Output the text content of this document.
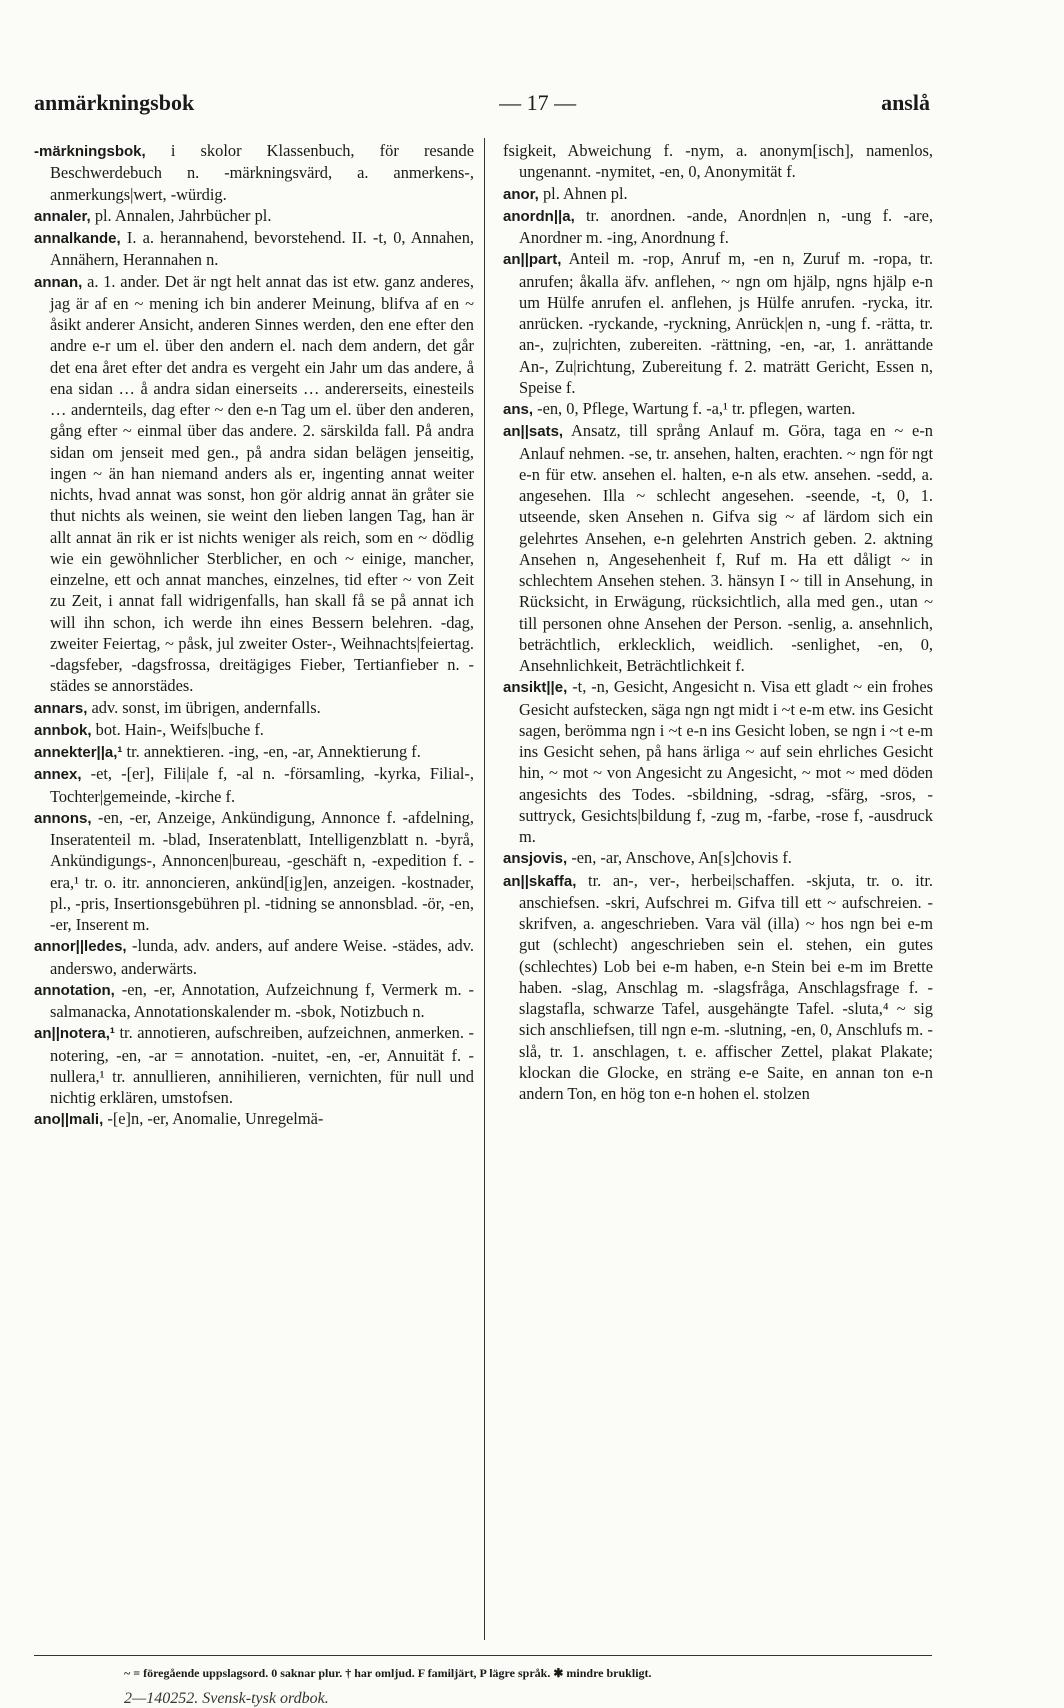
anmärkningsbok	— 17 —	anslå

-märkningsbok, i skolor Klassenbuch, för resande Beschwerdebuch n. -märkningsvärd, a. anmerkens-, anmerkungs|wert, -würdig.

annaler, pl. Annalen, Jahrbücher pl.

annalkande, I. a. herannahend, bevorstehend. II. -t, 0, Annahen, Annähern, Herannahen n.

annan, a. 1. ander. Det är ngt helt annat das ist etw. ganz anderes, jag är af en ~ mening ich bin anderer Meinung, blifva af en ~ åsikt anderer Ansicht, anderen Sinnes werden, den ene efter den andre e-r um el. über den andern el. nach dem andern, det går det ena året efter det andra es vergeht ein Jahr um das andere, å ena sidan … å andra sidan einerseits … andererseits, einesteils … andernteils, dag efter ~ den e-n Tag um el. über den anderen, gång efter ~ einmal über das andere. 2. särskilda fall. På andra sidan om jenseit med gen., på andra sidan belägen jenseitig, ingen ~ än han niemand anders als er, ingenting annat weiter nichts, hvad annat was sonst, hon gör aldrig annat än gråter sie thut nichts als weinen, sie weint den lieben langen Tag, han är allt annat än rik er ist nichts weniger als reich, som en ~ dödlig wie ein gewöhnlicher Sterblicher, en och ~ einige, mancher, einzelne, ett och annat manches, einzelnes, tid efter ~ von Zeit zu Zeit, i annat fall widrigenfalls, han skall få se på annat ich will ihn schon, ich werde ihn eines Bessern belehren. -dag, zweiter Feiertag, ~ påsk, jul zweiter Oster-, Weihnachts|feiertag. -dagsfeber, -dagsfrossa, dreitägiges Fieber, Tertianfieber n. -städes se annorstädes.

annars, adv. sonst, im übrigen, andernfalls.

annbok, bot. Hain-, Weifs|buche f.

annekter||a,¹ tr. annektieren. -ing, -en, -ar, Annektierung f.

annex, -et, -[er], Fili|ale f, -al n. -församling, -kyrka, Filial-, Tochter|gemeinde, -kirche f.

annons, -en, -er, Anzeige, Ankündigung, Annonce f. -afdelning, Inseratenteil m. -blad, Inseratenblatt, Intelligenzblatt n. -byrå, Ankündigungs-, Annoncen|bureau, -geschäft n, -expedition f. -era,¹ tr. o. itr. annoncieren, ankünd[ig]en, anzeigen. -kostnader, pl., -pris, Insertionsgebühren pl. -tidning se annonsblad. -ör, -en, -er, Inserent m.

annor||ledes, -lunda, adv. anders, auf andere Weise. -städes, adv. anderswo, anderwärts.

annotation, -en, -er, Annotation, Aufzeichnung f, Vermerk m. -salmanacka, Annotationskalender m. -sbok, Notizbuch n.

an||notera,¹ tr. annotieren, aufschreiben, aufzeichnen, anmerken. -notering, -en, -ar = annotation. -nuitet, -en, -er, Annuität f. -nullera,¹ tr. annullieren, annihilieren, vernichten, für null und nichtig erklären, umstofsen.

ano||mali, -[e]n, -er, Anomalie, Unregelmä-

fsigkeit, Abweichung f. -nym, a. anonym[isch], namenlos, ungenannt. -nymitet, -en, 0, Anonymität f.

anor, pl. Ahnen pl.

anordn||a, tr. anordnen. -ande, Anordn|en n, -ung f. -are, Anordner m. -ing, Anordnung f.

an||part, Anteil m. -rop, Anruf m, -en n, Zuruf m. -ropa, tr. anrufen; åkalla äfv. anflehen, ~ ngn om hjälp, ngns hjälp e-n um Hülfe anrufen el. anflehen, js Hülfe anrufen. -rycka, itr. anrücken. -ryckande, -ryckning, Anrück|en n, -ung f. -rätta, tr. an-, zu|richten, zubereiten. -rättning, -en, -ar, 1. anrättande An-, Zu|richtung, Zubereitung f. 2. maträtt Gericht, Essen n, Speise f.

ans, -en, 0, Pflege, Wartung f. -a,¹ tr. pflegen, warten.

an||sats, Ansatz, till språng Anlauf m. Göra, taga en ~ e-n Anlauf nehmen. -se, tr. ansehen, halten, erachten. ~ ngn för ngt e-n für etw. ansehen el. halten, e-n als etw. ansehen. -sedd, a. angesehen. Illa ~ schlecht angesehen. -seende, -t, 0, 1. utseende, sken Ansehen n. Gifva sig ~ af lärdom sich ein gelehrtes Ansehen, e-n gelehrten Anstrich geben. 2. aktning Ansehen n, Angesehenheit f, Ruf m. Ha ett dåligt ~ in schlechtem Ansehen stehen. 3. hänsyn I ~ till in Ansehung, in Rücksicht, in Erwägung, rücksichtlich, alla med gen., utan ~ till personen ohne Ansehen der Person. -senlig, a. ansehnlich, beträchtlich, erklecklich, weidlich. -senlighet, -en, 0, Ansehnlichkeit, Beträchtlichkeit f.

ansikt||e, -t, -n, Gesicht, Angesicht n. Visa ett gladt ~ ein frohes Gesicht aufstecken, säga ngn ngt midt i ~t e-m etw. ins Gesicht sagen, berömma ngn i ~t e-n ins Gesicht loben, se ngn i ~t e-m ins Gesicht sehen, på hans ärliga ~ auf sein ehrliches Gesicht hin, ~ mot ~ von Angesicht zu Angesicht, ~ mot ~ med döden angesichts des Todes. -sbildning, -sdrag, -sfärg, -sros, -suttryck, Gesichts|bildung f, -zug m, -farbe, -rose f, -ausdruck m.

ansjovis, -en, -ar, Anschove, An[s]chovis f.

an||skaffa, tr. an-, ver-, herbei|schaffen. -skjuta, tr. o. itr. anschiefsen. -skri, Aufschrei m. Gifva till ett ~ aufschreien. -skrifven, a. angeschrieben. Vara väl (illa) ~ hos ngn bei e-m gut (schlecht) angeschrieben sein el. stehen, ein gutes (schlechtes) Lob bei e-m haben, e-n Stein bei e-m im Brette haben. -slag, Anschlag m. -slagsfråga, Anschlagsfrage f. -slagstafla, schwarze Tafel, ausgehängte Tafel. -sluta,⁴ ~ sig sich anschliefsen, till ngn e-m. -slutning, -en, 0, Anschlufs m. -slå, tr. 1. anschlagen, t. e. affischer Zettel, plakat Plakate; klockan die Glocke, en sträng e-e Saite, en annan ton e-n andern Ton, en hög ton e-n hohen el. stolzen

~ = föregående uppslagsord. 0 saknar plur. † har omljud. F familjärt, P lägre språk. ✱ mindre brukligt.
2—140252. Svensk-tysk ordbok.
